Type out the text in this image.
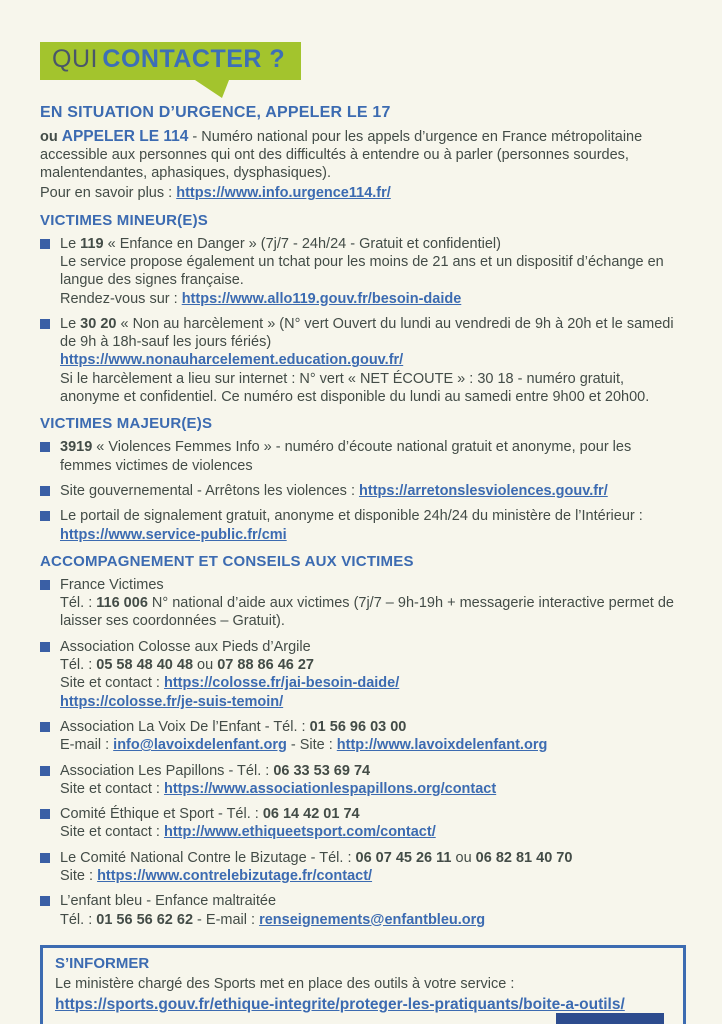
QUI CONTACTER ?
EN SITUATION D’URGENCE, APPELER LE 17
ou APPELER LE 114 - Numéro national pour les appels d’urgence en France métropolitaine accessible aux personnes qui ont des difficultés à entendre ou à parler (personnes sourdes, malentendantes, aphasiques, dysphasiques).
Pour en savoir plus : https://www.info.urgence114.fr/
VICTIMES MINEUR(E)S
Le 119 « Enfance en Danger » (7j/7 - 24h/24 - Gratuit et confidentiel)
Le service propose également un tchat pour les moins de 21 ans et un dispositif d’échange en langue des signes française.
Rendez-vous sur : https://www.allo119.gouv.fr/besoin-daide
Le 30 20 « Non au harcèlement » (N° vert Ouvert du lundi au vendredi de 9h à 20h et le samedi de 9h à 18h-sauf les jours fériés)
https://www.nonauharcelement.education.gouv.fr/
Si le harcèlement a lieu sur internet : N° vert « NET ÉCOUTE » : 30 18 - numéro gratuit, anonyme et confidentiel. Ce numéro est disponible du lundi au samedi entre 9h00 et 20h00.
VICTIMES MAJEUR(E)S
3919 « Violences Femmes Info » - numéro d’écoute national gratuit et anonyme, pour les femmes victimes de violences
Site gouvernemental - Arrêtons les violences : https://arretonslesviolences.gouv.fr/
Le portail de signalement gratuit, anonyme et disponible 24h/24 du ministère de l’Intérieur : https://www.service-public.fr/cmi
ACCOMPAGNEMENT ET CONSEILS AUX VICTIMES
France Victimes
Tél. : 116 006 N° national d’aide aux victimes (7j/7 – 9h-19h + messagerie interactive permet de laisser ses coordonnées – Gratuit).
Association Colosse aux Pieds d’Argile
Tél. : 05 58 48 40 48 ou 07 88 86 46 27
Site et contact : https://colosse.fr/jai-besoin-daide/
https://colosse.fr/je-suis-temoin/
Association La Voix De l’Enfant - Tél. : 01 56 96 03 00
E-mail : info@lavoixdelenfant.org - Site : http://www.lavoixdelenfant.org
Association Les Papillons - Tél. : 06 33 53 69 74
Site et contact : https://www.associationlespapillons.org/contact
Comité Éthique et Sport - Tél. : 06 14 42 01 74
Site et contact : http://www.ethiqueetsport.com/contact/
Le Comité National Contre le Bizutage - Tél. : 06 07 45 26 11 ou 06 82 81 40 70
Site : https://www.contrelebizutage.fr/contact/
L’enfant bleu - Enfance maltraitée
Tél. : 01 56 56 62 62 - E-mail : renseignements@enfantbleu.org
S’INFORMER
Le ministère chargé des Sports met en place des outils à votre service :
https://sports.gouv.fr/ethique-integrite/proteger-les-pratiquants/boite-a-outils/
